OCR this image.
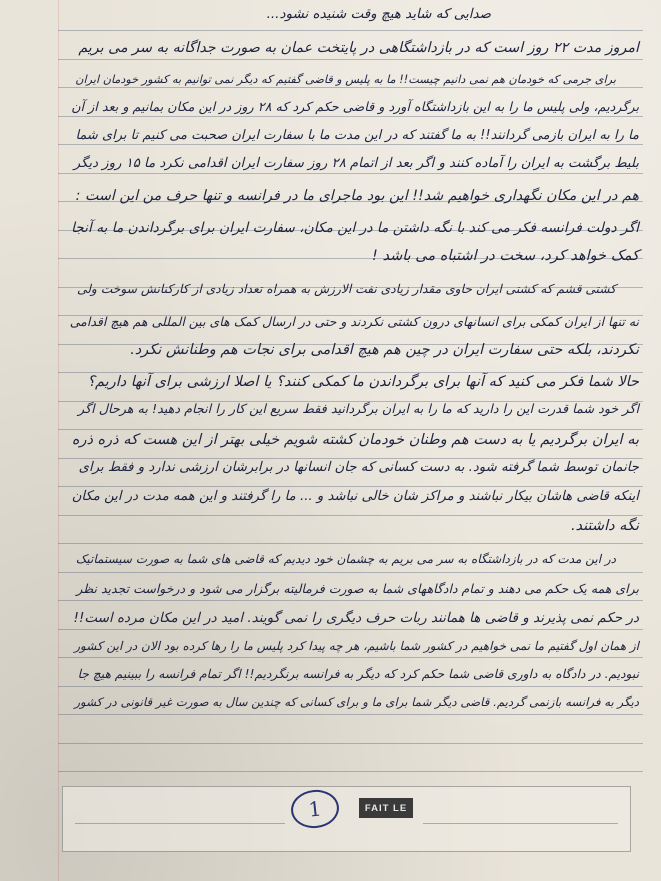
صدایی که شاید هیچ وقت شنیده نشود...
امروز مدت ۲۲ روز است که در بازداشتگاهی در پایتخت عمان به صورت جداگانه به سر می بریم
برای جرمی که خودمان هم نمی دانیم چیست!! ما به پلیس و قاضی گفتیم که دیگر نمی توانیم به کشور خودمان ایران
برگردیم، ولی پلیس ما را به این بازداشتگاه آورد و قاضی حکم کرد که ۲۸ روز در این مکان بمانیم و بعد از آن
ما را به ایران بازمی گردانند!! به ما گفتند که در این مدت ما با سفارت ایران صحبت می کنیم تا برای شما
بلیط برگشت به ایران را آماده کنند و اگر بعد از اتمام ۲۸ روز سفارت ایران اقدامی نکرد ما ۱۵ روز دیگر
هم در این مکان نگهداری خواهیم شد!! این بود ماجرای ما در فرانسه و تنها حرف من این است :
اگر دولت فرانسه فکر می کند با نگه داشتن ما در این مکان، سفارت ایران برای برگرداندن ما به آنجا
کمک خواهد کرد، سخت در اشتباه می باشد !
کشتی قشم که کشتی ایران حاوی مقدار زیادی نفت الارزش به همراه تعداد زیادی از کارکنانش سوخت ولی
نه تنها از ایران کمکی برای انسانهای درون کشتی نکردند و حتی در ارسال کمک های بین المللی هم هیچ اقدامی
نکردند، بلکه حتی سفارت ایران در چین هم هیچ اقدامی برای نجات هم وطنانش نکرد.
حالا شما فکر می کنید که آنها برای برگرداندن ما کمکی کنند؟ یا اصلا ارزشی برای آنها داریم؟
اگر خود شما قدرت این را دارید که ما را به ایران برگردانید فقط سریع این کار را انجام دهید! به هرحال اگر
به ایران برگردیم یا به دست هم وطنان خودمان کشته شویم خیلی بهتر از این هست که ذره ذره
جانمان توسط شما گرفته شود. به دست کسانی که جان انسانها در برابرشان ارزشی ندارد و فقط برای
اینکه قاضی هاشان بیکار نباشند و مراکز شان خالی نباشد و ... ما را گرفتند و این همه مدت در این مکان
نگه داشتند.
در این مدت که در بازداشتگاه به سر می بریم به چشمان خود دیدیم که قاضی های شما به صورت سیستماتیک
برای همه یک حکم می دهند و تمام دادگاههای شما به صورت فرمالیته برگزار می شود و درخواست تجدید نظر
در حکم نمی پذیرند و قاضی ها همانند ربات حرف دیگری را نمی گویند. امید در این مکان مرده است!!
از همان اول گفتیم ما نمی خواهیم در کشور شما باشیم، هر چه پیدا کرد پلیس ما را رها کرده بود الان در این کشور
نبودیم. در دادگاه به داوری قاضی شما حکم کرد که دیگر به فرانسه برنگردیم!! اگر تمام فرانسه را ببینیم هیچ جا
دیگر به فرانسه بازنمی گردیم. قاضی دیگر شما برای ما و برای کسانی که چندین سال به صورت غیر قانونی در کشور
1	FAIT LE
